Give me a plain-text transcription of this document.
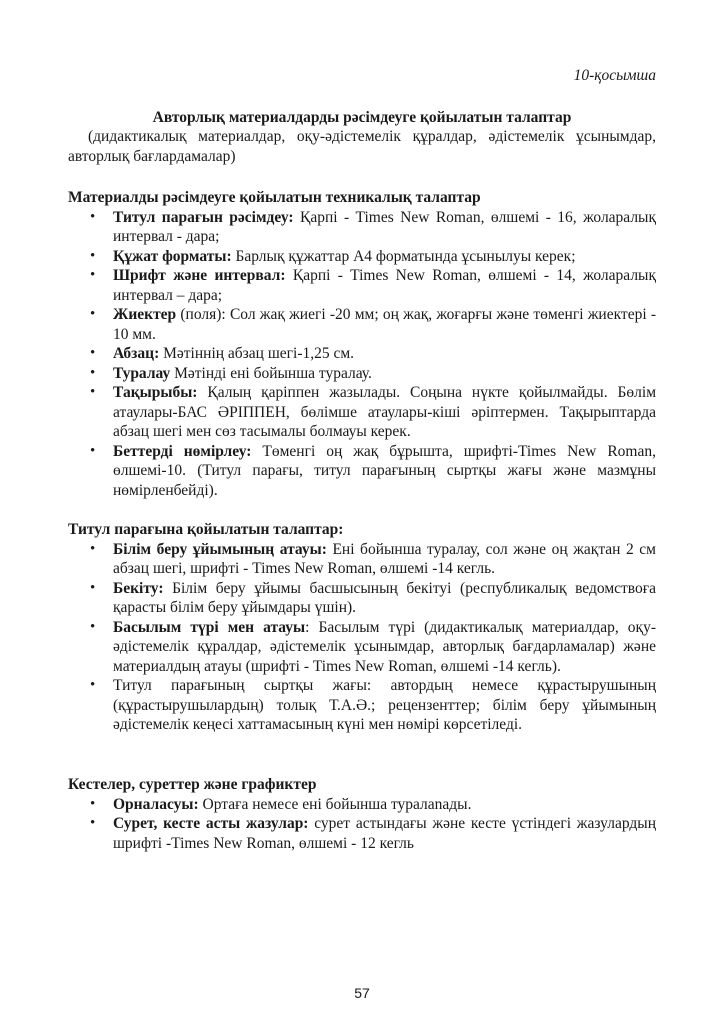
10-қосымша
Авторлық материалдарды рәсімдеуге қойылатын талаптар
(дидактикалық материалдар, оқу-әдістемелік құралдар, әдістемелік ұсынымдар, авторлық бағлардамалар)
Материалды рәсімдеуге қойылатын техникалық талаптар
• Титул парағын рәсімдеу: Қарпі - Times New Roman, өлшемі - 16, жоларалық интервал - дара;
• Құжат форматы: Барлық құжаттар А4 форматында ұсынылуы керек;
• Шрифт және интервал: Қарпі - Times New Roman, өлшемі - 14, жоларалық интервал – дара;
• Жиектер (поля): Сол жақ жиегі -20 мм; оң жақ, жоғарғы және төменгі жиектері - 10 мм.
• Абзац: Мәтіннің абзац шегі-1,25 см.
• Туралау Мәтінді ені бойынша туралау.
• Тақырыбы: Қалың қаріппен жазылады. Соңына нүкте қойылмайды. Бөлім атаулары-БАС ӘРІППЕН, бөлімше атаулары-кіші әріптермен. Тақырыптарда абзац шегі мен сөз тасымалы болмауы керек.
• Беттерді нөмірлеу: Төменгі оң жақ бұрышта, шрифті-Times New Roman, өлшемі-10. (Титул парағы, титул парағының сыртқы жағы және мазмұны нөмірленбейді).
Титул парағына қойылатын талаптар:
• Білім беру ұйымының атауы: Ені бойынша туралау, сол және оң жақтан 2 см абзац шегі, шрифті - Times New Roman, өлшемі -14 кегль.
• Бекіту: Білім беру ұйымы басшысының бекітуі (республикалық ведомствоға қарасты білім беру ұйымдары үшін).
• Басылым түрі мен атауы: Басылым түрі (дидактикалық материалдар, оқу-әдістемелік құралдар, әдістемелік ұсынымдар, авторлық бағдарламалар) және материалдың атауы (шрифті - Times New Roman, өлшемі -14 кегль).
• Титул парағының сыртқы жағы: автордың немесе құрастырушының (құрастырушылардың) толық Т.А.Ә.; рецензенттер; білім беру ұйымының әдістемелік кеңесі хаттамасының күні мен нөмірі көрсетіледі.
Кестелер, суреттер және графиктер
• Орналасуы: Ортаға немесе ені бойынша туралanады.
• Сурет, кесте асты жазулар: сурет астындағы және кесте үстіндегі жазулардың шрифті -Times New Roman, өлшемі - 12 кегль
57
